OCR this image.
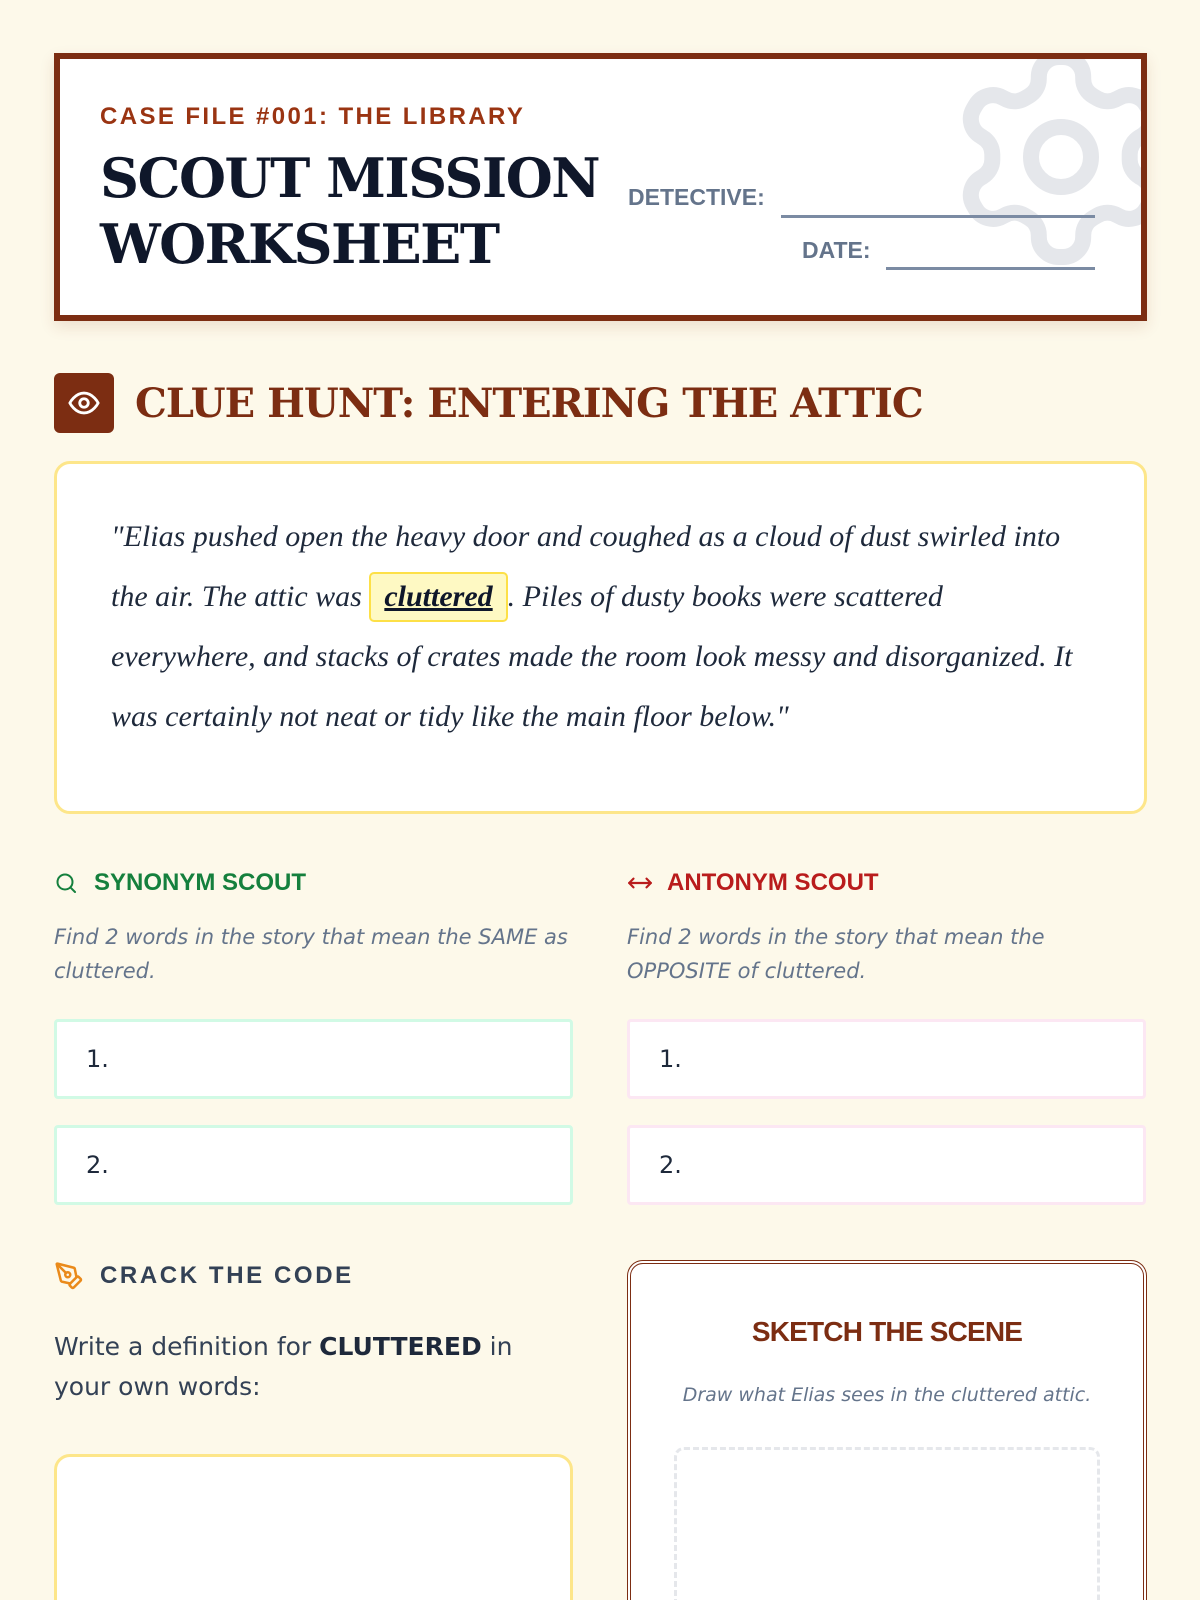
CASE FILE #001: THE LIBRARY
SCOUT MISSION
WORKSHEET
DETECTIVE:
DATE:
CLUE HUNT: ENTERING THE ATTIC

"Elias pushed open the heavy door and coughed as a cloud of dust swirled into the air. The attic was cluttered . Piles of dusty books were scattered everywhere, and stacks of crates made the room look messy and disorganized. It was certainly not neat or tidy like the main floor below."

SYNONYM SCOUT
Find 2 words in the story that mean the SAME as cluttered.
1.
2.
ANTONYM SCOUT
Find 2 words in the story that mean the OPPOSITE of cluttered.
1.
2.
CRACK THE CODE

Write a definition for CLUTTERED in your own words:

SKETCH THE SCENE
Draw what Elias sees in the cluttered attic.
